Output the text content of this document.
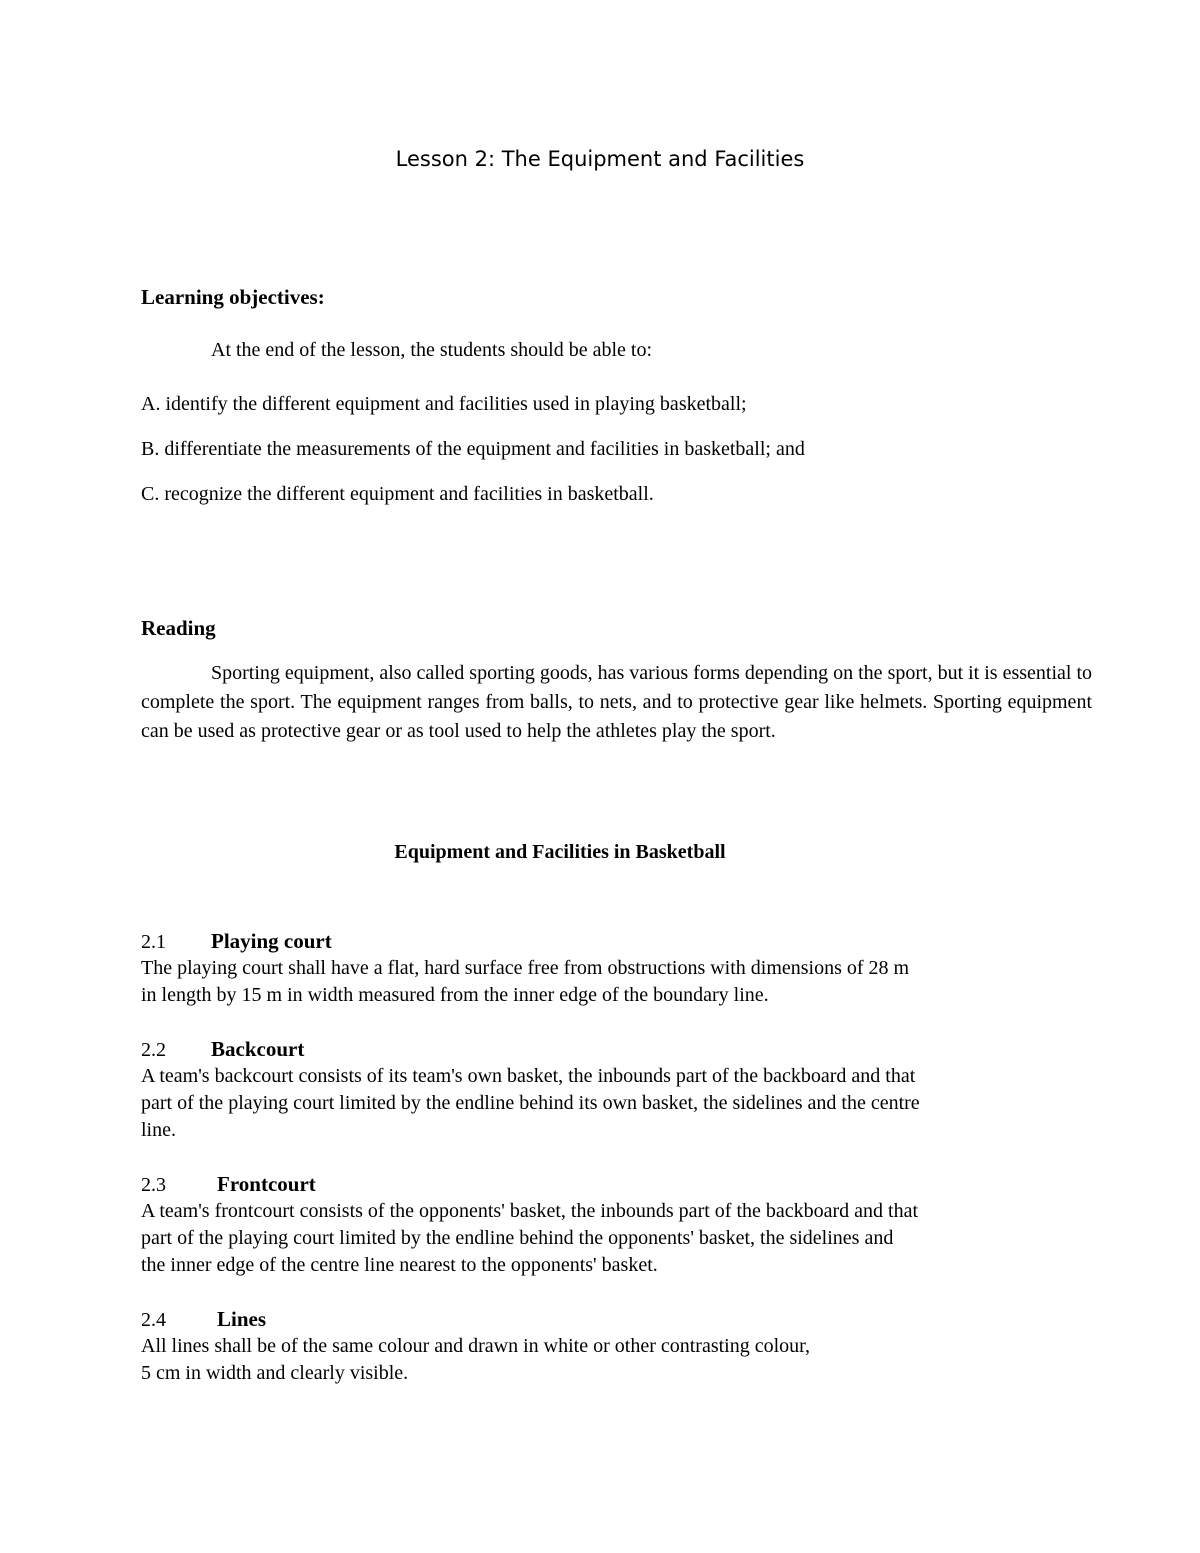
Lesson 2: The Equipment and Facilities
Learning objectives:
At the end of the lesson, the students should be able to:
A. identify the different equipment and facilities used in playing basketball;
B. differentiate the measurements of the equipment and facilities in basketball; and
C. recognize the different equipment and facilities in basketball.
Reading
Sporting equipment, also called sporting goods, has various forms depending on the sport, but it is essential to complete the sport. The equipment ranges from balls, to nets, and to protective gear like helmets. Sporting equipment can be used as protective gear or as tool used to help the athletes play the sport.
Equipment and Facilities in Basketball
2.1 Playing court
The playing court shall have a flat, hard surface free from obstructions with dimensions of 28 m
in length by 15 m in width measured from the inner edge of the boundary line.
2.2 Backcourt
A team's backcourt consists of its team's own basket, the inbounds part of the backboard and that
part of the playing court limited by the endline behind its own basket, the sidelines and the centre
line.
2.3 Frontcourt
A team's frontcourt consists of the opponents' basket, the inbounds part of the backboard and that
part of the playing court limited by the endline behind the opponents' basket, the sidelines and
the inner edge of the centre line nearest to the opponents' basket.
2.4 Lines
All lines shall be of the same colour and drawn in white or other contrasting colour,
5 cm in width and clearly visible.
